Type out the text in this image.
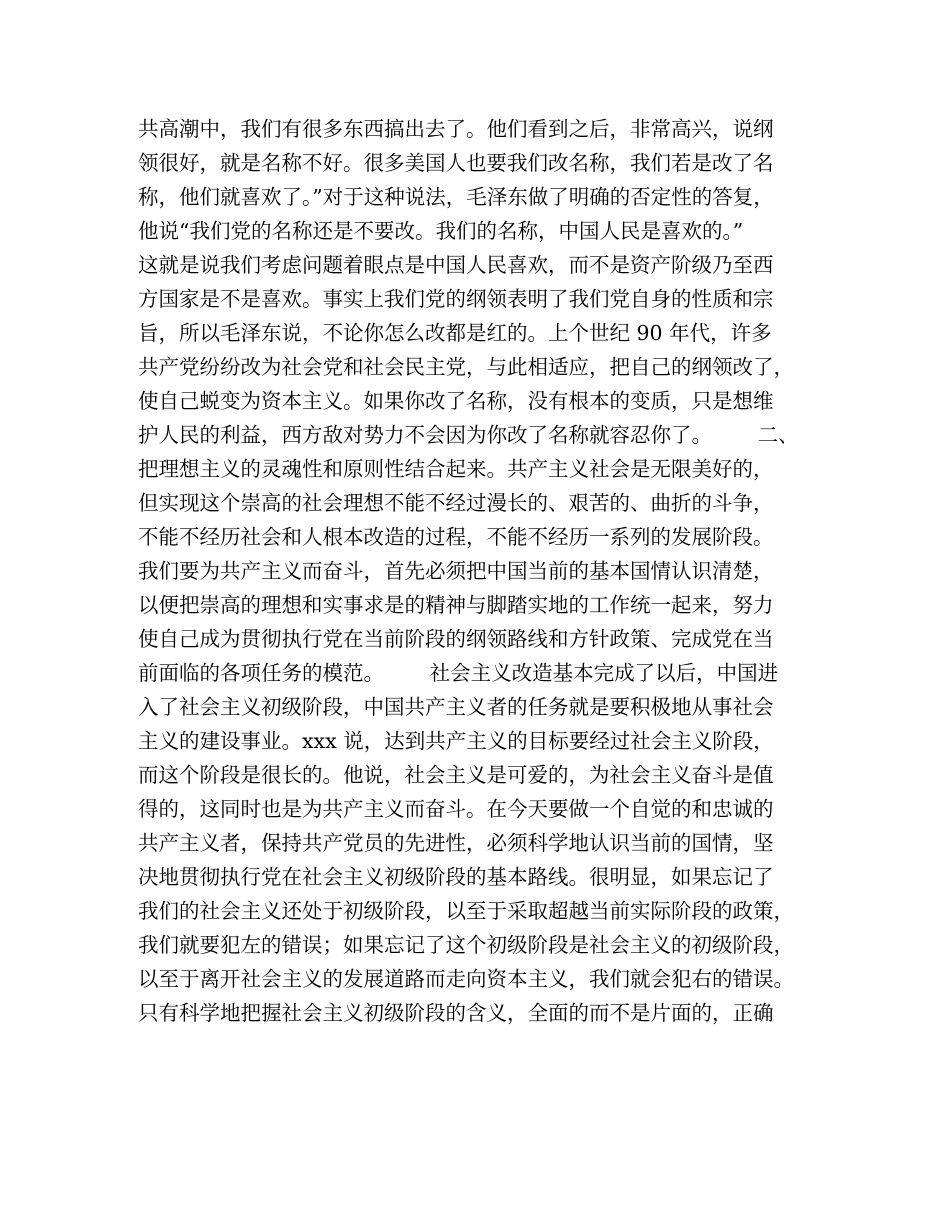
共高潮中，我们有很多东西搞出去了。他们看到之后，非常高兴，说纲
领很好，就是名称不好。很多美国人也要我们改名称，我们若是改了名
称，他们就喜欢了。”对于这种说法，毛泽东做了明确的否定性的答复，
他说“我们党的名称还是不要改。我们的名称，中国人民是喜欢的。”
这就是说我们考虑问题着眼点是中国人民喜欢，而不是资产阶级乃至西
方国家是不是喜欢。事实上我们党的纲领表明了我们党自身的性质和宗
旨，所以毛泽东说，不论你怎么改都是红的。上个世纪 90 年代，许多
共产党纷纷改为社会党和社会民主党，与此相适应，把自己的纲领改了，
使自己蜕变为资本主义。如果你改了名称，没有根本的变质，只是想维
护人民的利益，西方敌对势力不会因为你改了名称就容忍你了。       二、
把理想主义的灵魂性和原则性结合起来。共产主义社会是无限美好的，
但实现这个崇高的社会理想不能不经过漫长的、艰苦的、曲折的斗争，
不能不经历社会和人根本改造的过程，不能不经历一系列的发展阶段。
我们要为共产主义而奋斗，首先必须把中国当前的基本国情认识清楚，
以便把崇高的理想和实事求是的精神与脚踏实地的工作统一起来，努力
使自己成为贯彻执行党在当前阶段的纲领路线和方针政策、完成党在当
前面临的各项任务的模范。       社会主义改造基本完成了以后，中国进
入了社会主义初级阶段，中国共产主义者的任务就是要积极地从事社会
主义的建设事业。xxx 说，达到共产主义的目标要经过社会主义阶段，
而这个阶段是很长的。他说，社会主义是可爱的，为社会主义奋斗是值
得的，这同时也是为共产主义而奋斗。在今天要做一个自觉的和忠诚的
共产主义者，保持共产党员的先进性，必须科学地认识当前的国情，坚
决地贯彻执行党在社会主义初级阶段的基本路线。很明显，如果忘记了
我们的社会主义还处于初级阶段，以至于采取超越当前实际阶段的政策，
我们就要犯左的错误；如果忘记了这个初级阶段是社会主义的初级阶段，
以至于离开社会主义的发展道路而走向资本主义，我们就会犯右的错误。
只有科学地把握社会主义初级阶段的含义，全面的而不是片面的，正确
